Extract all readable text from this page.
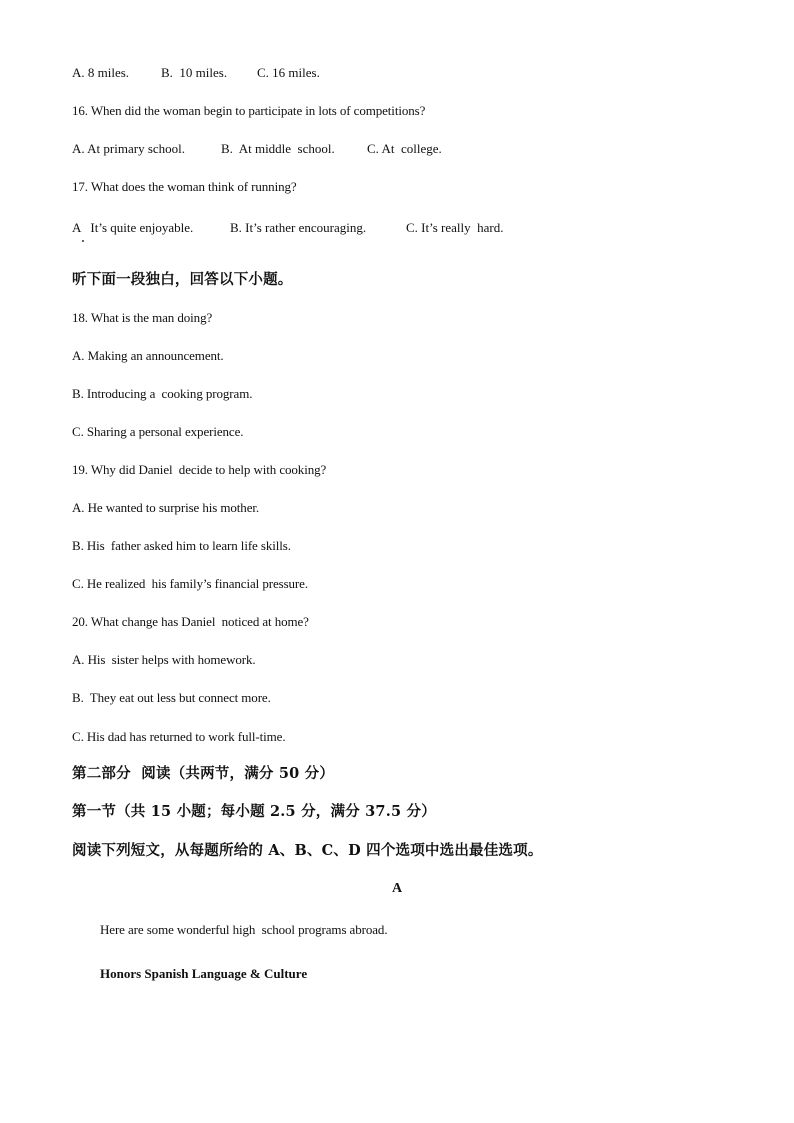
A. 8 miles.

B.  10 miles.

C. 16 miles.

16. When did the woman begin to participate in lots of competitions?

A. At primary school.

	B.  At middle  school.

C. At  college.

17. What does the woman think of running?

A   It’s quite enjoyable.

	B. It’s rather encouraging.

	C. It’s really  hard.

听下面一段独白，回答以下小题。
18. What is the man doing?
A. Making an announcement.
B. Introducing a  cooking program.
C. Sharing a personal experience.
19. Why did Daniel  decide to help with cooking?
A. He wanted to surprise his mother.
B. His  father asked him to learn life skills.
C. He realized  his family’s financial pressure.
20. What change has Daniel  noticed at home?
A. His  sister helps with homework.
B.  They eat out less but connect more.
C. His dad has returned to work full-time.
第二部分  阅读（共两节，满分 50 分）
第一节（共 15 小题；每小题 2.5 分，满分 37.5 分）
阅读下列短文，从每题所给的 A、B、C、D 四个选项中选出最佳选项。
A
Here are some wonderful high  school programs abroad.
Honors Spanish Language & Culture
